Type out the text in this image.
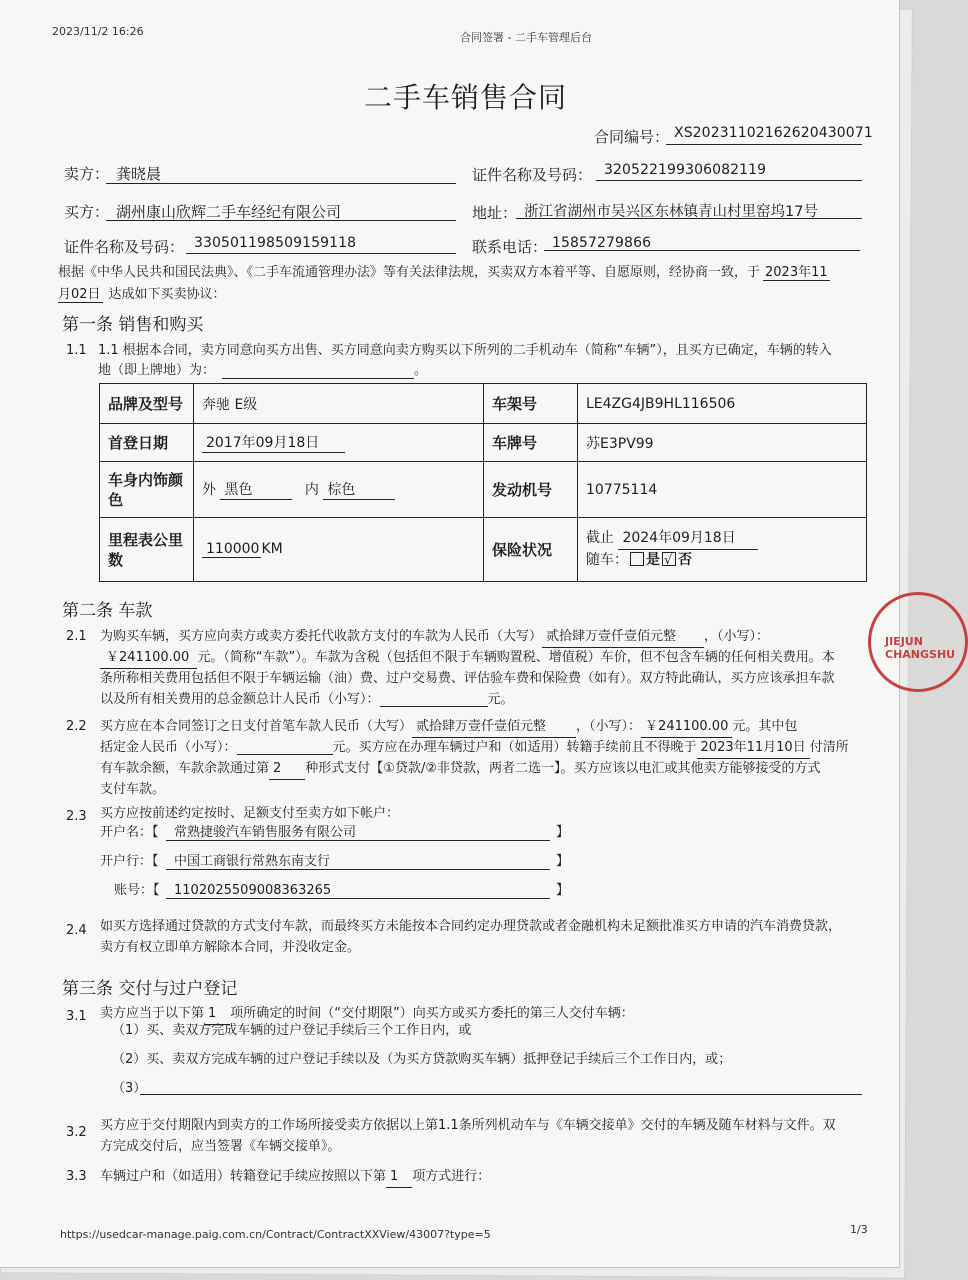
2023/11/2 16:26	合同签署 - 二手车管理后台
二手车销售合同
合同编号： XS20231102162620430071
卖方： 龚晓晨	证件名称及号码： 320522199306082119
买方： 湖州康山欣辉二手车经纪有限公司	地址： 浙江省湖州市吴兴区东林镇青山村里窑坞17号
证件名称及号码： 330501198509159118	联系电话： 15857279866
根据《中华人民共和国民法典》、《二手车流通管理办法》等有关法律法规，买卖双方本着平等、自愿原则，经协商一致，于 2023年11
月02日 达成如下买卖协议：
第一条 销售和购买
1.1 1.1 根据本合同，卖方同意向买方出售、买方同意向卖方购买以下所列的二手机动车（简称“车辆”），且买方已确定，车辆的转入
地（即上牌地）为：	。
品牌及型号	奔驰 E级	车架号	LE4ZG4JB9HL116506
首登日期	2017年09月18日	车牌号	苏E3PV99
车身内饰颜色	外 黑色 内 棕色	发动机号	10775114
里程表公里数	110000 KM	保险状况	截止 2024年09月18日
随车： 是 √ 否
第二条 车款
2.1 为购买车辆，买方应向卖方或卖方委托代收款方支付的车款为人民币（大写） 贰拾肆万壹仟壹佰元整 ，（小写）：
￥241100.00 元。（简称“车款”）。车款为含税（包括但不限于车辆购置税、增值税）车价，但不包含车辆的任何相关费用。本
条所称相关费用包括但不限于车辆运输（油）费、过户交易费、评估验车费和保险费（如有）。双方特此确认，买方应该承担车款
以及所有相关费用的总金额总计人民币（小写）：	元。
2.2 买方应在本合同签订之日支付首笔车款人民币（大写） 贰拾肆万壹仟壹佰元整 ，（小写）： ￥241100.00 元。其中包
括定金人民币（小写）：	元。买方应在办理车辆过户和（如适用）转籍手续前且不得晚于 2023年11月10日 付清所
有车款余额，车款余款通过第 2 种形式支付【①贷款/②非贷款，两者二选一】。买方应该以电汇或其他卖方能够接受的方式
支付车款。
2.3 买方应按前述约定按时、足额支付至卖方如下帐户：
开户名：【 常熟捷骏汽车销售服务有限公司	】
开户行：【 中国工商银行常熟东南支行	】
账号：【 1102025509008363265	】
2.4 如买方选择通过贷款的方式支付车款，而最终买方未能按本合同约定办理贷款或者金融机构未足额批准买方申请的汽车消费贷款，
卖方有权立即单方解除本合同，并没收定金。
第三条 交付与过户登记
3.1 卖方应当于以下第 1 项所确定的时间（“交付期限”）向买方或买方委托的第三人交付车辆：
（1）买、卖双方完成车辆的过户登记手续后三个工作日内，或
（2）买、卖双方完成车辆的过户登记手续以及（为买方贷款购买车辆）抵押登记手续后三个工作日内，或；
（3）
3.2 买方应于交付期限内到卖方的工作场所接受卖方依据以上第1.1条所列机动车与《车辆交接单》交付的车辆及随车材料与文件。双
方完成交付后，应当签署《车辆交接单》。
3.3 车辆过户和（如适用）转籍登记手续应按照以下第 1 项方式进行：
https://usedcar-manage.paig.com.cn/Contract/ContractXXView/43007?type=5	1/3
JIEJUN CHANGSHU
